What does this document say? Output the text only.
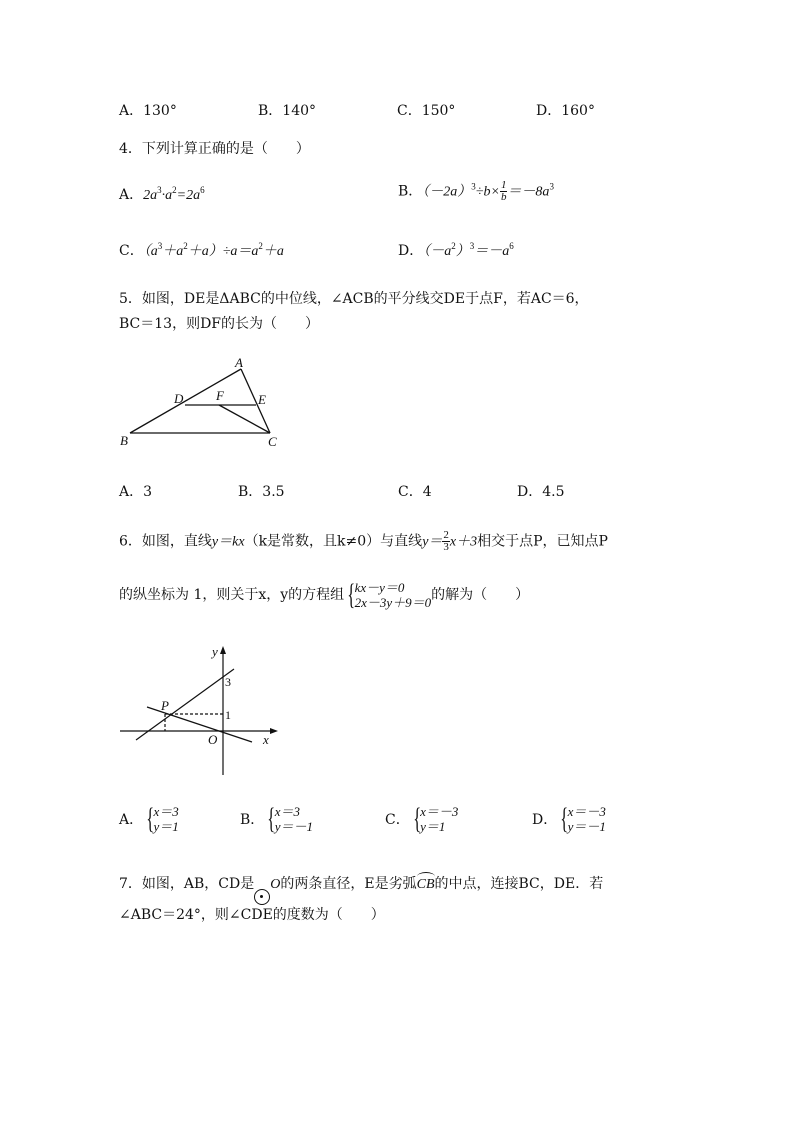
A．130°	B．140°	C．150°	D．160°
4．下列计算正确的是（　　）
A．$2a^3\cdot a^2=2a^6$	B．$(-2a)^3\div b\times \frac{1}{b} =-8a^3$
C．$(a^3+a^2+a)\div a=a^2+a$	D．$(-a^2)^3=-a^6$
5．如图，DE是ΔABC的中位线，∠ACB的平分线交DE于点F，若AC＝6，
BC＝13，则DF的长为（　　）
A
B	C
D	E
F
A．3	B．3.5	C．4	D．4.5
6．如图，直线y＝kx（k是常数，且k≠0）与直线$y= \frac{2}{3} x+3$相交于点P，已知点P
的纵坐标为 1，则关于x，y的方程组 { kx－y＝0
2x－3y＋9＝0 的解为（　　）
y
x
O
P
3
1
A． { x＝3
y＝1	B． { x＝3
y＝－1	C． { x＝－3
y＝1	D． { x＝－3
y＝－1
7．如图，AB，CD是 O的两条直径，E是劣弧
CB的中点，连接BC，DE．若
∠ABC＝24°，则∠CDE的度数为（　　）
